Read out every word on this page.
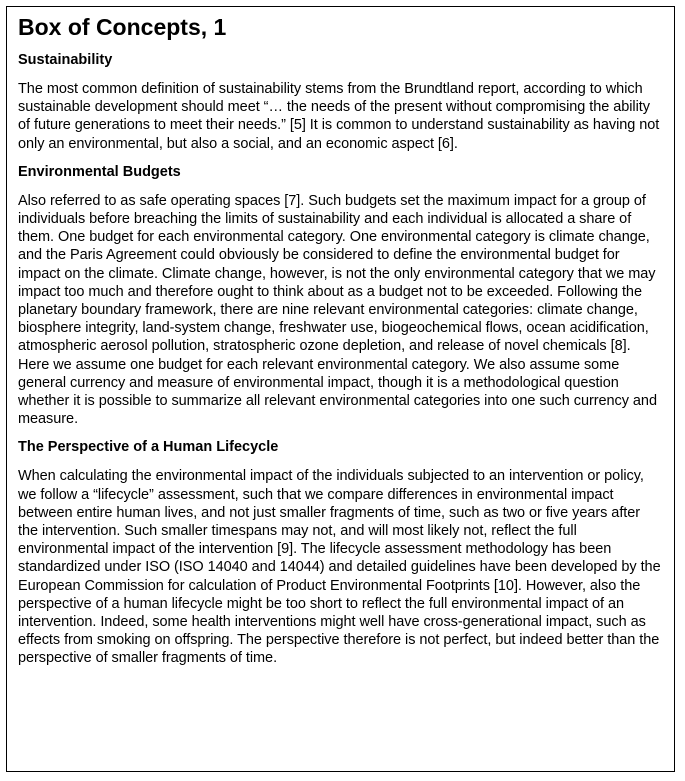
Box of Concepts, 1
Sustainability
The most common definition of sustainability stems from the Brundtland report, according to which sustainable development should meet “… the needs of the present without compromising the ability of future generations to meet their needs.” [5] It is common to understand sustainability as having not only an environmental, but also a social, and an economic aspect [6].
Environmental Budgets
Also referred to as safe operating spaces [7]. Such budgets set the maximum impact for a group of individuals before breaching the limits of sustainability and each individual is allocated a share of them. One budget for each environmental category. One environmental category is climate change, and the Paris Agreement could obviously be considered to define the environmental budget for impact on the climate. Climate change, however, is not the only environmental category that we may impact too much and therefore ought to think about as a budget not to be exceeded. Following the planetary boundary framework, there are nine relevant environmental categories: climate change, biosphere integrity, land-system change, freshwater use, biogeochemical flows, ocean acidification, atmospheric aerosol pollution, stratospheric ozone depletion, and release of novel chemicals [8]. Here we assume one budget for each relevant environmental category. We also assume some general currency and measure of environmental impact, though it is a methodological question whether it is possible to summarize all relevant environmental categories into one such currency and measure.
The Perspective of a Human Lifecycle
When calculating the environmental impact of the individuals subjected to an intervention or policy, we follow a “lifecycle” assessment, such that we compare differences in environmental impact between entire human lives, and not just smaller fragments of time, such as two or five years after the intervention. Such smaller timespans may not, and will most likely not, reflect the full environmental impact of the intervention [9]. The lifecycle assessment methodology has been standardized under ISO (ISO 14040 and 14044) and detailed guidelines have been developed by the European Commission for calculation of Product Environmental Footprints [10]. However, also the perspective of a human lifecycle might be too short to reflect the full environmental impact of an intervention. Indeed, some health interventions might well have cross-generational impact, such as effects from smoking on offspring. The perspective therefore is not perfect, but indeed better than the perspective of smaller fragments of time.
